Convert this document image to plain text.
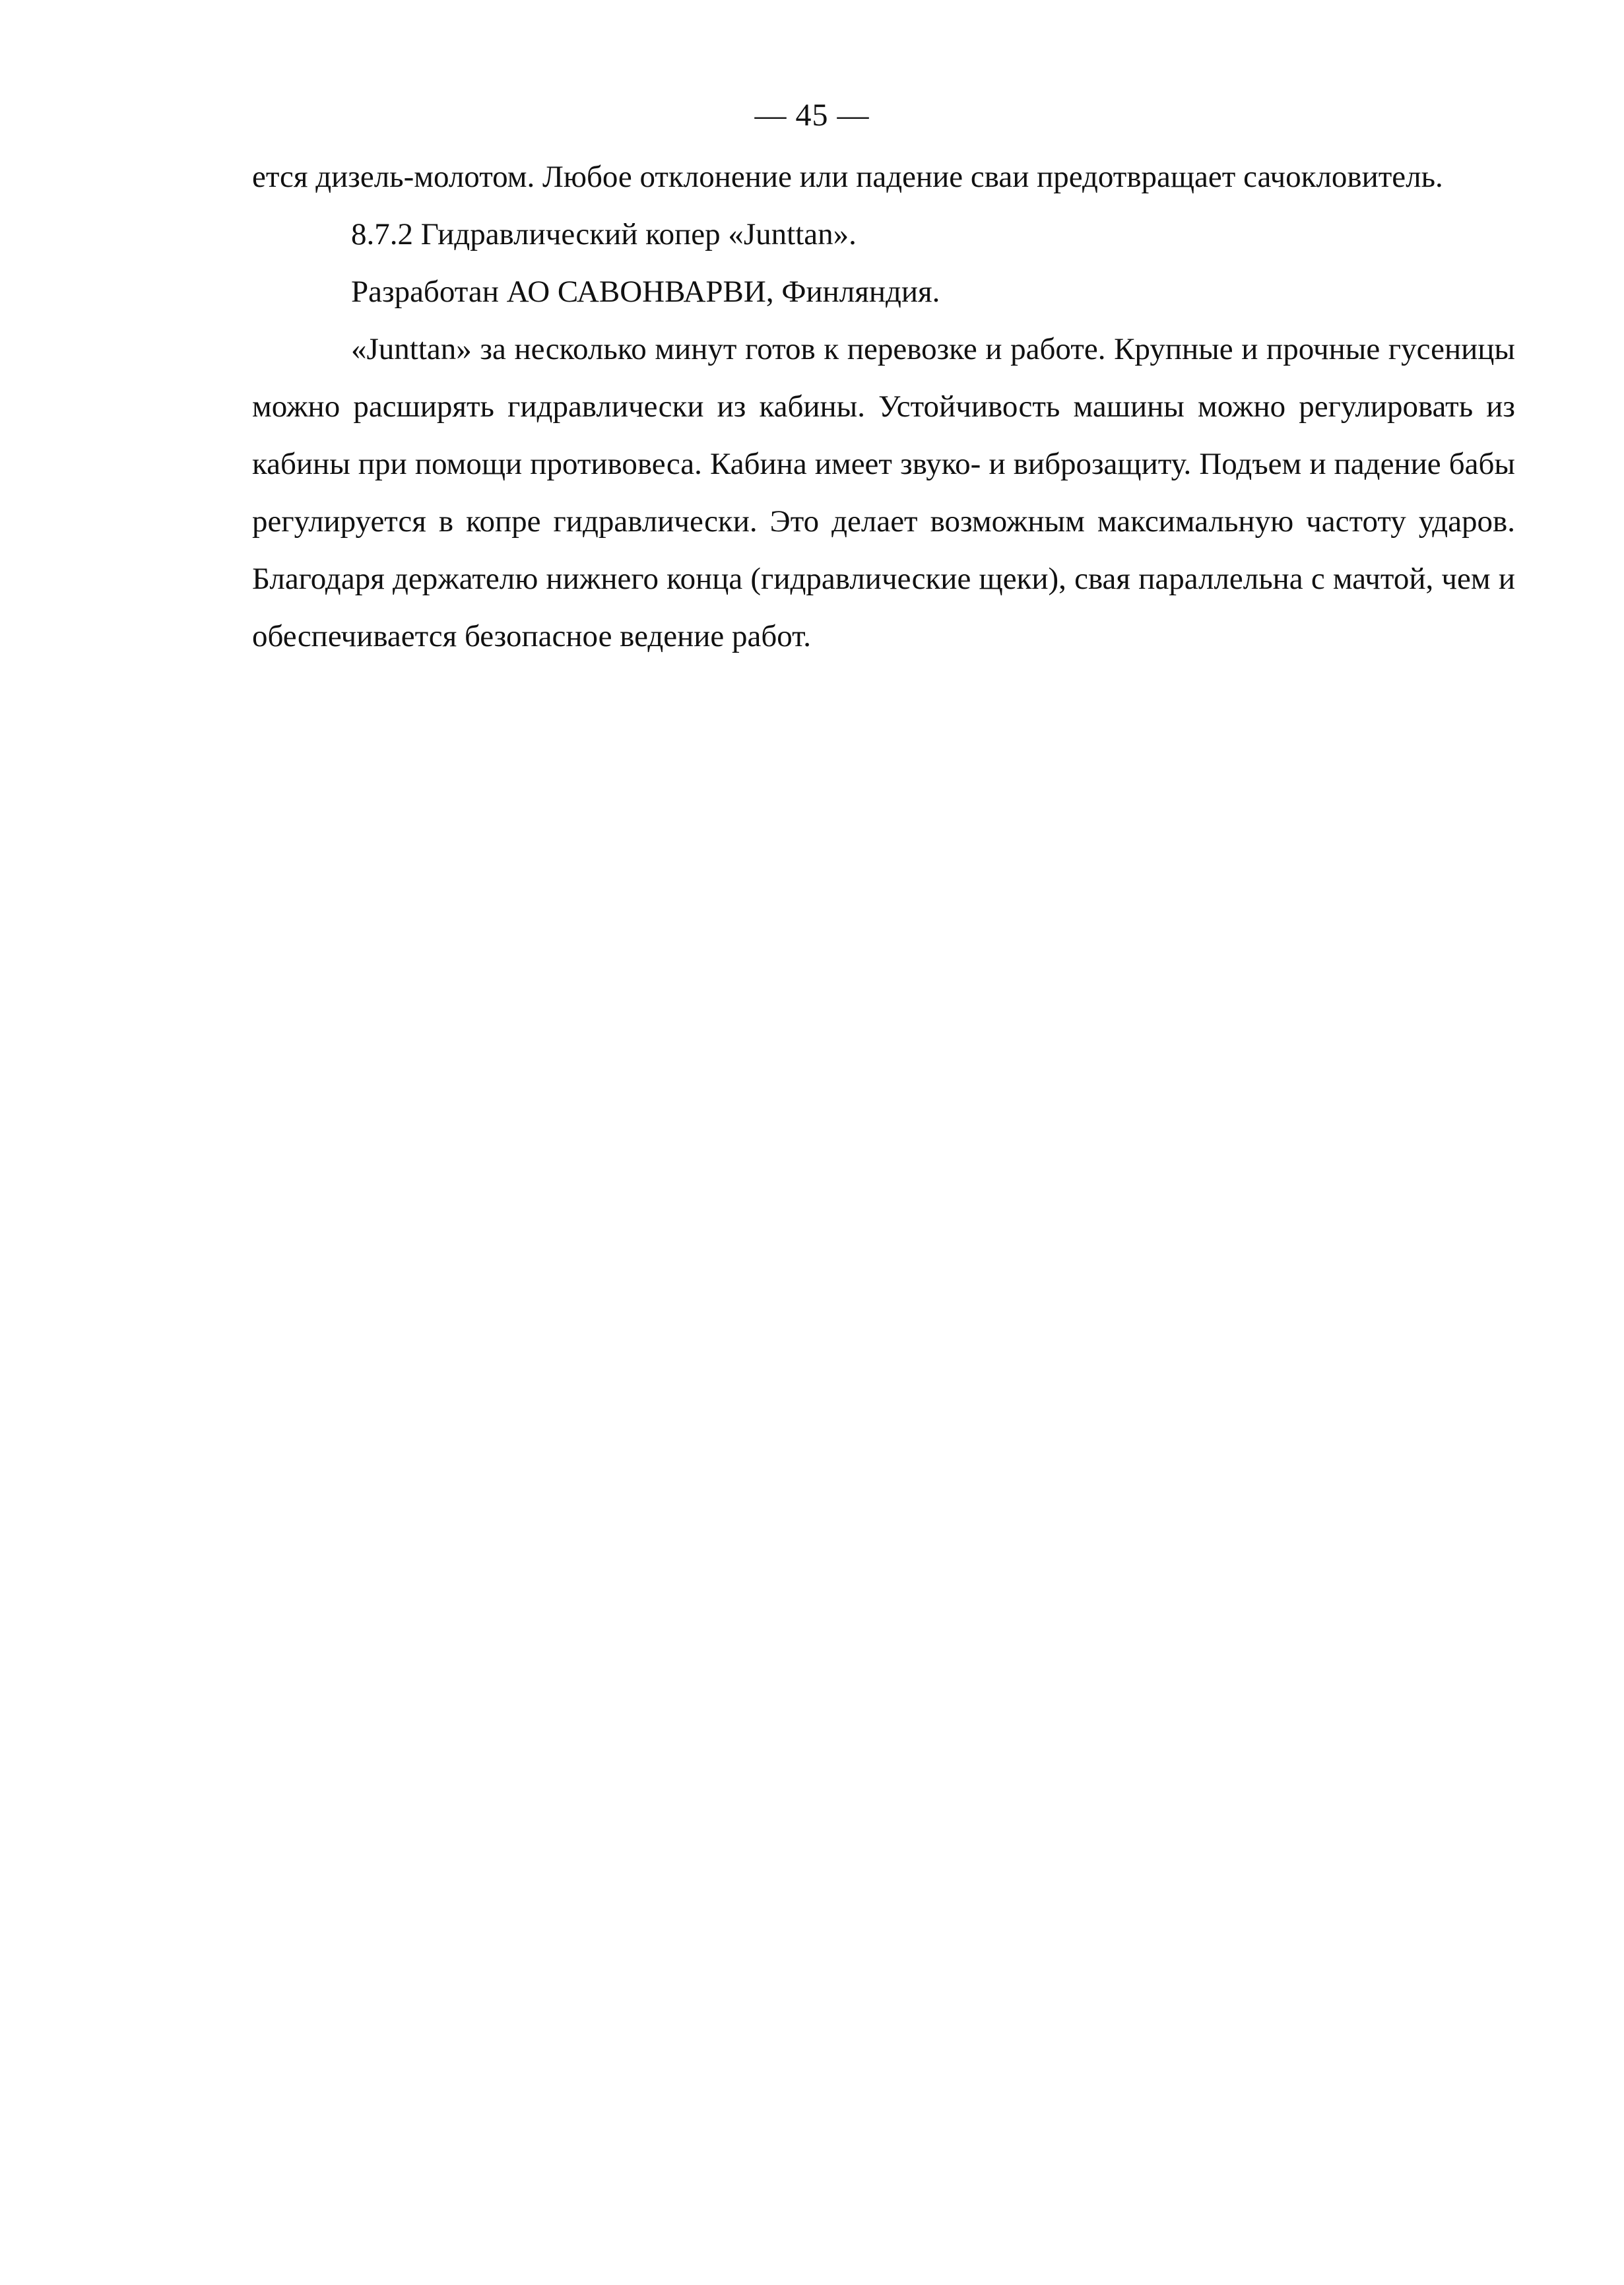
— 45 —

ется дизель-молотом. Любое отклонение или падение сваи предотвращает сачокловитель.

8.7.2 Гидравлический копер «Junttan».

Разработан АО САВОНВАРВИ, Финляндия.

«Junttan» за несколько минут готов к перевозке и работе. Крупные и прочные гусеницы можно расширять гидравлически из кабины. Устойчивость машины можно регулировать из кабины при помощи противовеса. Кабина имеет звуко- и виброзащиту. Подъем и падение бабы регулируется в копре гидравлически. Это делает возможным максимальную частоту ударов. Благодаря держателю нижнего конца (гидравлические щеки), свая параллельна с мачтой, чем и обеспечивается безопасное ведение работ.
